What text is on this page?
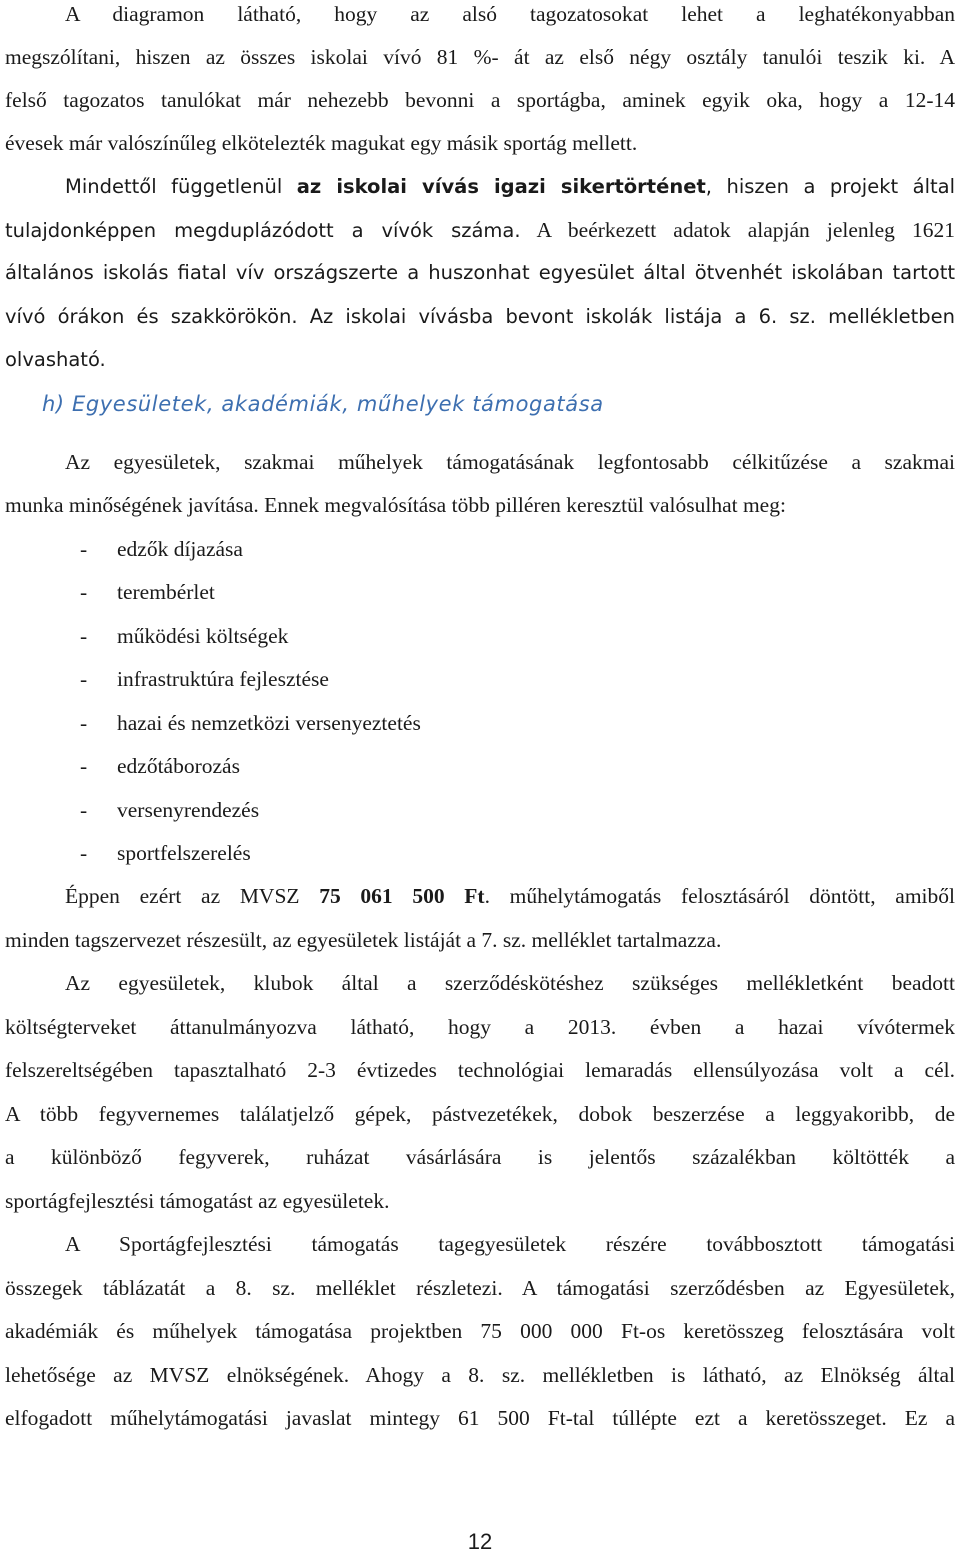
A diagramon látható, hogy az alsó tagozatosokat lehet a leghatékonyabban
megszólítani, hiszen az összes iskolai vívó 81 %- át az első négy osztály tanulói teszik ki. A
felső tagozatos tanulókat már nehezebb bevonni a sportágba, aminek egyik oka, hogy a 12-14
évesek már valószínűleg elkötelezték magukat egy másik sportág mellett.
Mindettől függetlenül az iskolai vívás igazi sikertörténet, hiszen a projekt által
tulajdonképpen megduplázódott a vívók száma. A beérkezett adatok alapján jelenleg 1621
általános iskolás fiatal vív országszerte a huszonhat egyesület által ötvenhét iskolában tartott
vívó órákon és szakkörökön. Az iskolai vívásba bevont iskolák listája a 6. sz. mellékletben
olvasható.
h) Egyesületek, akadémiák, műhelyek támogatása
Az egyesületek, szakmai műhelyek támogatásának legfontosabb célkitűzése a szakmai
munka minőségének javítása. Ennek megvalósítása több pilléren keresztül valósulhat meg:
- edzők díjazása
- terembérlet
- működési költségek
- infrastruktúra fejlesztése
- hazai és nemzetközi versenyeztetés
- edzőtáborozás
- versenyrendezés
- sportfelszerelés
Éppen ezért az MVSZ 75 061 500 Ft. műhelytámogatás felosztásáról döntött, amiből
minden tagszervezet részesült, az egyesületek listáját a 7. sz. melléklet tartalmazza.
Az egyesületek, klubok által a szerződéskötéshez szükséges mellékletként beadott
költségterveket áttanulmányozva látható, hogy a 2013. évben a hazai vívótermek
felszereltségében tapasztalható 2-3 évtizedes technológiai lemaradás ellensúlyozása volt a cél.
A több fegyvernemes találatjelző gépek, pástvezetékek, dobok beszerzése a leggyakoribb, de
a különböző fegyverek, ruházat vásárlására is jelentős százalékban költötték a
sportágfejlesztési támogatást az egyesületek.
A Sportágfejlesztési támogatás tagegyesületek részére továbbosztott támogatási
összegek táblázatát a 8. sz. melléklet részletezi. A támogatási szerződésben az Egyesületek,
akadémiák és műhelyek támogatása projektben 75 000 000 Ft-os keretösszeg felosztására volt
lehetősége az MVSZ elnökségének. Ahogy a 8. sz. mellékletben is látható, az Elnökség által
elfogadott műhelytámogatási javaslat mintegy 61 500 Ft-tal túllépte ezt a keretösszeget. Ez a
12
